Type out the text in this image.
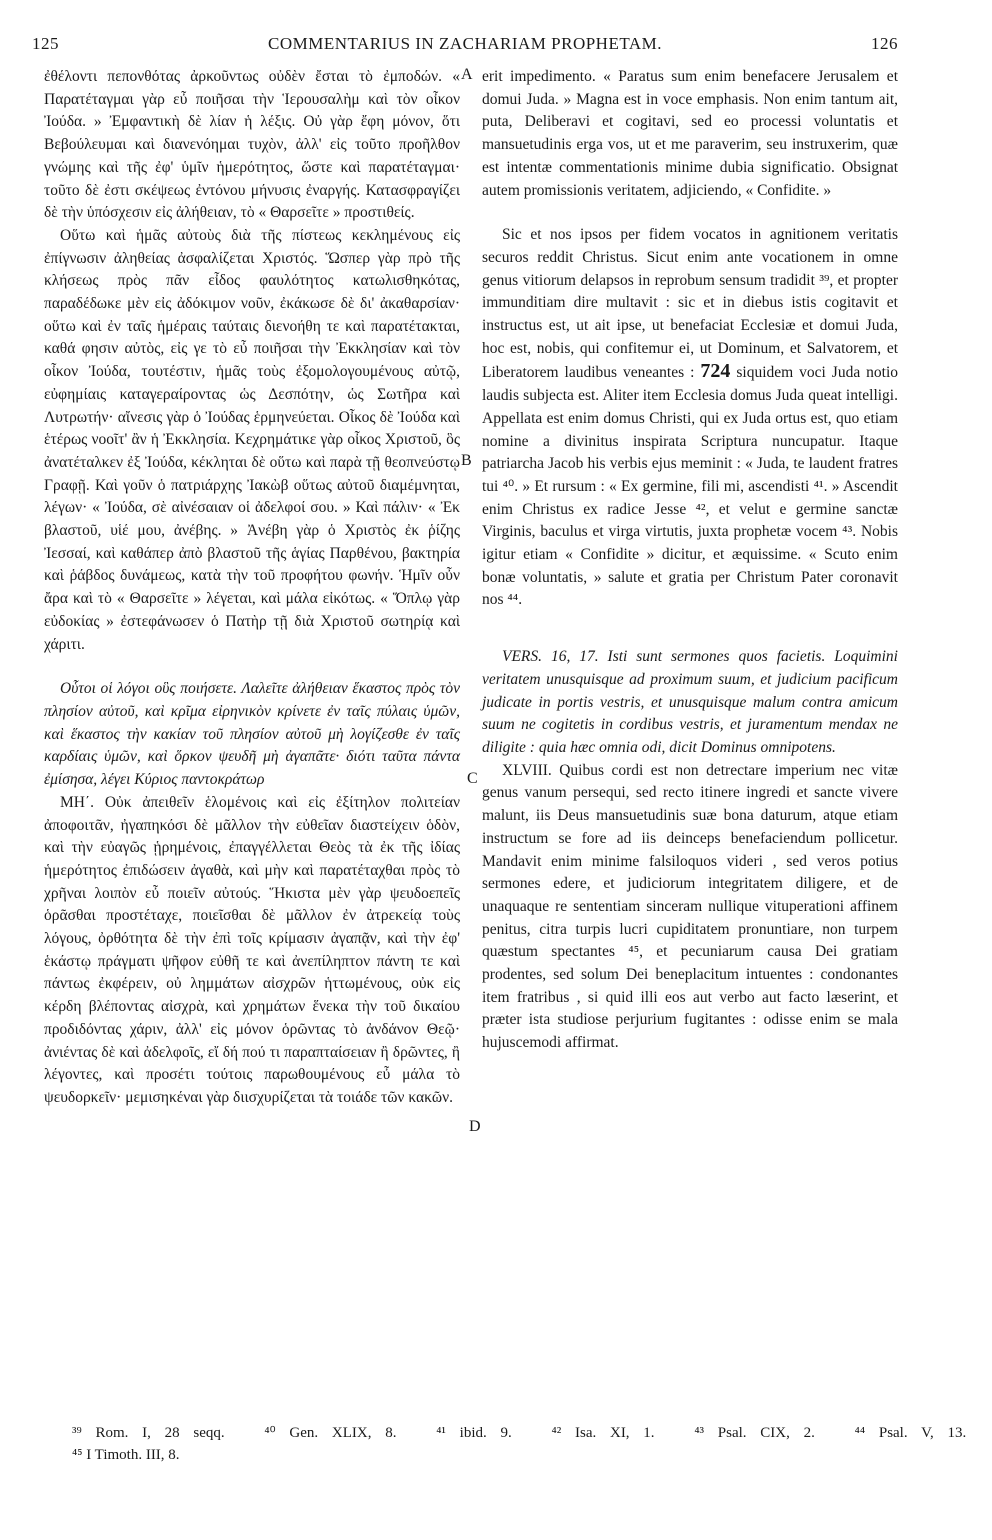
125	COMMENTARIUS IN ZACHARIAM PROPHETAM.	126
A
B
C
D

ἐθέλοντι πεπονθότας ἀρκοῦντως οὐδὲν ἔσται τὸ ἐμποδών. « Παρατέταγμαι γὰρ εὖ ποιῆσαι τὴν Ἱερουσαλὴμ καὶ τὸν οἶκον Ἰούδα. » Ἐμφαντικὴ δὲ λίαν ἡ λέξις. Οὐ γὰρ ἔφη μόνον, ὅτι Βεβούλευμαι καὶ διανενόημαι τυχὸν, ἀλλ' εἰς τοῦτο προῆλθον γνώμης καὶ τῆς ἐφ' ὑμῖν ἡμερότητος, ὥστε καὶ παρατέταγμαι· τοῦτο δὲ ἐστι σκέψεως ἐντόνου μήνυσις ἐναργής. Κατασφραγίζει δὲ τὴν ὑπόσχεσιν εἰς ἀλήθειαν, τὸ « Θαρσεῖτε » προστιθείς.

Οὕτω καὶ ἡμᾶς αὐτοὺς διὰ τῆς πίστεως κεκλημένους εἰς ἐπίγνωσιν ἀληθείας ἀσφαλίζεται Χριστός. Ὥσπερ γὰρ πρὸ τῆς κλήσεως πρὸς πᾶν εἶδος φαυλότητος κατωλισθηκότας, παραδέδωκε μὲν εἰς ἀδόκιμον νοῦν, ἐκάκωσε δὲ δι' ἀκαθαρσίαν· οὕτω καὶ ἐν ταῖς ἡμέραις ταύταις διενοήθη τε καὶ παρατέτακται, καθά φησιν αὐτὸς, εἰς γε τὸ εὖ ποιῆσαι τὴν Ἐκκλησίαν καὶ τὸν οἶκον Ἰούδα, τουτέστιν, ἡμᾶς τοὺς ἐξομολογουμένους αὐτῷ, εὐφημίαις καταγεραίροντας ὡς Δεσπότην, ὡς Σωτῆρα καὶ Λυτρωτήν· αἴνεσις γὰρ ὁ Ἰούδας ἑρμηνεύεται. Οἶκος δὲ Ἰούδα καὶ ἑτέρως νοοῖτ' ἂν ἡ Ἐκκλησία. Κεχρημάτικε γὰρ οἶκος Χριστοῦ, ὃς ἀνατέταλκεν ἐξ Ἰούδα, κέκληται δὲ οὕτω καὶ παρὰ τῇ θεοπνεύστῳ Γραφῇ. Καὶ γοῦν ὁ πατριάρχης Ἰακὼβ οὕτως αὐτοῦ διαμέμνηται, λέγων· « Ἰούδα, σὲ αἰνέσαιαν οἱ ἀδελφοί σου. » Καὶ πάλιν· « Ἐκ βλαστοῦ, υἱέ μου, ἀνέβης. » Ἀνέβη γὰρ ὁ Χριστὸς ἐκ ῥίζης Ἰεσσαί, καὶ καθάπερ ἀπὸ βλαστοῦ τῆς ἁγίας Παρθένου, βακτηρία καὶ ῥάβδος δυνάμεως, κατὰ τὴν τοῦ προφήτου φωνήν. Ἡμῖν οὖν ἄρα καὶ τὸ « Θαρσεῖτε » λέγεται, καὶ μάλα εἰκότως. « Ὅπλῳ γὰρ εὐδοκίας » ἐστεφάνωσεν ὁ Πατὴρ τῇ διὰ Χριστοῦ σωτηρίᾳ καὶ χάριτι.

Οὗτοι οἱ λόγοι οὓς ποιήσετε. Λαλεῖτε ἀλήθειαν ἕκαστος πρὸς τὸν πλησίον αὐτοῦ, καὶ κρῖμα εἰρηνικὸν κρίνετε ἐν ταῖς πύλαις ὑμῶν, καὶ ἕκαστος τὴν κακίαν τοῦ πλησίον αὐτοῦ μὴ λογίζεσθε ἐν ταῖς καρδίαις ὑμῶν, καὶ ὅρκον ψευδῆ μὴ ἀγαπᾶτε· διότι ταῦτα πάντα ἐμίσησα, λέγει Κύριος παντοκράτωρ

ΜΗ΄. Οὐκ ἀπειθεῖν ἑλομένοις καὶ εἰς ἐξίτηλον πολιτείαν ἀποφοιτᾶν, ἠγαπηκόσι δὲ μᾶλλον τὴν εὐθεῖαν διαστείχειν ὁδὸν, καὶ τὴν εὐαγῶς ᾑρημένοις, ἐπαγγέλλεται Θεὸς τὰ ἐκ τῆς ἰδίας ἡμερότητος ἐπιδώσειν ἀγαθὰ, καὶ μὴν καὶ παρατέταχθαι πρὸς τὸ χρῆναι λοιπὸν εὖ ποιεῖν αὐτούς. Ἥκιστα μὲν γὰρ ψευδοεπεῖς ὁρᾶσθαι προστέταχε, ποιεῖσθαι δὲ μᾶλλον ἐν ἀτρεκείᾳ τοὺς λόγους, ὀρθότητα δὲ τὴν ἐπὶ τοῖς κρίμασιν ἀγαπᾷν, καὶ τὴν ἐφ' ἑκάστῳ πράγματι ψῆφον εὐθῆ τε καὶ ἀνεπίληπτον πάντη τε καὶ πάντως ἐκφέρειν, οὐ λημμάτων αἰσχρῶν ἡττωμένους, οὐκ εἰς κέρδη βλέποντας αἰσχρὰ, καὶ χρημάτων ἕνεκα τὴν τοῦ δικαίου προδιδόντας χάριν, ἀλλ' εἰς μόνον ὁρῶντας τὸ ἀνδάνον Θεῷ· ἀνιέντας δὲ καὶ ἀδελφοῖς, εἴ δή πού τι παραπταίσειαν ἢ δρῶντες, ἢ λέγοντες, καὶ προσέτι τούτοις παρωθουμένους εὖ μάλα τὸ ψευδορκεῖν· μεμισηκέναι γὰρ διισχυρίζεται τὰ τοιάδε τῶν κακῶν.

erit impedimento. « Paratus sum enim benefacere Jerusalem et domui Juda. » Magna est in voce emphasis. Non enim tantum ait, puta, Deliberavi et cogitavi, sed eo processi voluntatis et mansuetudinis erga vos, ut et me paraverim, seu instruxerim, quæ est intentæ commentationis minime dubia significatio. Obsignat autem promissionis veritatem, adjiciendo, « Confidite. »

Sic et nos ipsos per fidem vocatos in agnitionem veritatis securos reddit Christus. Sicut enim ante vocationem in omne genus vitiorum delapsos in reprobum sensum tradidit ³⁹, et propter immunditiam dire multavit : sic et in diebus istis cogitavit et instructus est, ut ait ipse, ut benefaciat Ecclesiæ et domui Juda, hoc est, nobis, qui confitemur ei, ut Dominum, et Salvatorem, et Liberatorem laudibus veneantes : 724 siquidem voci Juda notio laudis subjecta est. Aliter item Ecclesia domus Juda queat intelligi. Appellata est enim domus Christi, qui ex Juda ortus est, quo etiam nomine a divinitus inspirata Scriptura nuncupatur. Itaque patriarcha Jacob his verbis ejus meminit : « Juda, te laudent fratres tui ⁴⁰. » Et rursum : « Ex germine, fili mi, ascendisti ⁴¹. » Ascendit enim Christus ex radice Jesse ⁴², et velut e germine sanctæ Virginis, baculus et virga virtutis, juxta prophetæ vocem ⁴³. Nobis igitur etiam « Confidite » dicitur, et æquissime. « Scuto enim bonæ voluntatis, » salute et gratia per Christum Pater coronavit nos ⁴⁴.

VERS. 16, 17. Isti sunt sermones quos facietis. Loquimini veritatem unusquisque ad proximum suum, et judicium pacificum judicate in portis vestris, et unusquisque malum contra amicum suum ne cogitetis in cordibus vestris, et juramentum mendax ne diligite : quia hæc omnia odi, dicit Dominus omnipotens.

XLVIII. Quibus cordi est non detrectare imperium nec vitæ genus vanum persequi, sed recto itinere ingredi et sancte vivere malunt, iis Deus mansuetudinis suæ bona daturum, atque etiam instructum se fore ad iis deinceps benefaciendum pollicetur. Mandavit enim minime falsiloquos videri , sed veros potius sermones edere, et judiciorum integritatem diligere, et de unaquaque re sententiam sinceram nullique vituperationi affinem penitus, citra turpis lucri cupiditatem pronuntiare, non turpem quæstum spectantes ⁴⁵, et pecuniarum causa Dei gratiam prodentes, sed solum Dei beneplacitum intuentes : condonantes item fratribus , si quid illi eos aut verbo aut facto læserint, et præter ista studiose perjurium fugitantes : odisse enim se mala hujuscemodi affirmat.

³⁹ Rom. I, 28 seqq.	⁴⁰ Gen. XLIX, 8.	⁴¹ ibid. 9.	⁴² Isa. XI, 1.	⁴³ Psal. CIX, 2.	⁴⁴ Psal. V, 13.
⁴⁵ I Timoth. III, 8.
